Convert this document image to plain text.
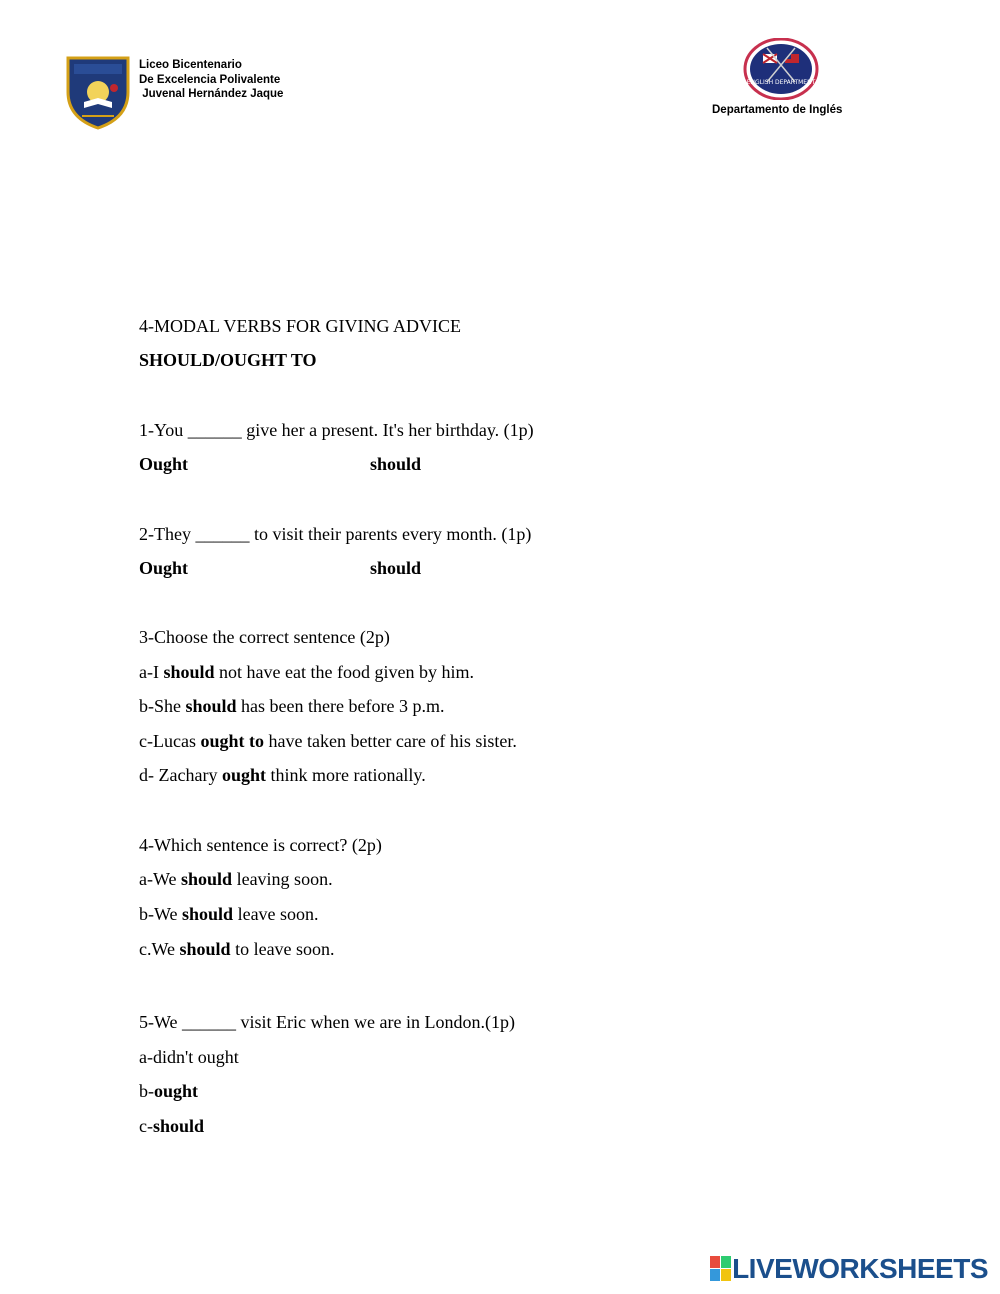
Liceo Bicentenario
De Excelencia Polivalente
Juvenal Hernández Jaque
ENGLISH DEPARTMENT
Departamento de Inglés
4-MODAL VERBS FOR GIVING ADVICE
SHOULD/OUGHT TO
1-You ______ give her a present. It's her birthday. (1p)
Ought	should
2-They ______ to visit their parents every month. (1p)
Ought	should
3-Choose the correct sentence (2p)
a-I should not have eat the food given by him.
b-She should has been there before 3 p.m.
c-Lucas ought to have taken better care of his sister.
d- Zachary ought think more rationally.
4-Which sentence is correct? (2p)
a-We should leaving soon.
b-We should leave soon.
c.We should to leave soon.
5-We ______ visit Eric when we are in London.(1p)
a-didn't ought
b-ought
c-should
LIVEWORKSHEETS
